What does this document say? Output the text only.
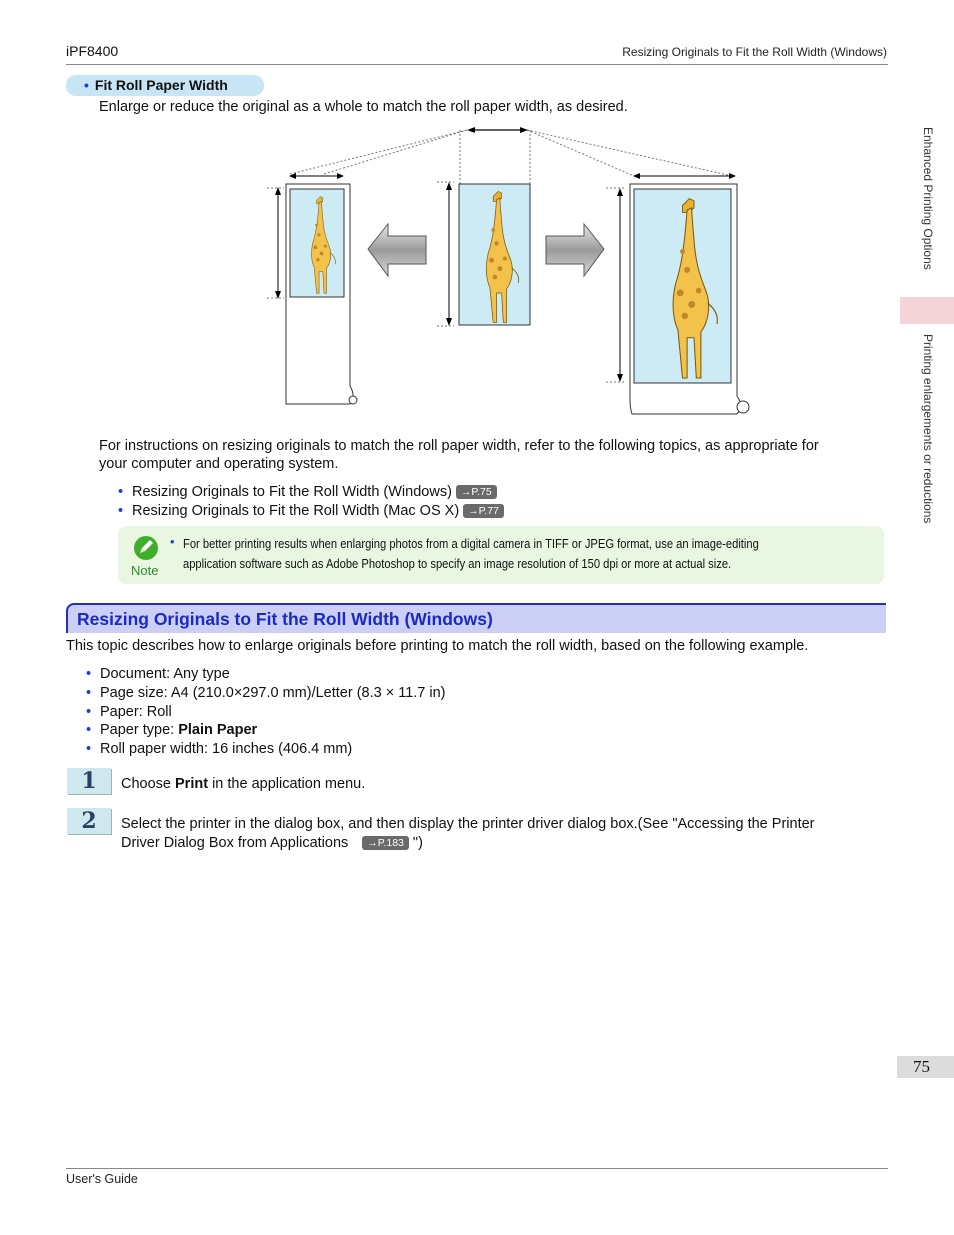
iPF8400	Resizing Originals to Fit the Roll Width (Windows)
• Fit Roll Paper Width
Enlarge or reduce the original as a whole to match the roll paper width, as desired.
For instructions on resizing originals to match the roll paper width, refer to the following topics, as appropriate for
your computer and operating system.
• Resizing Originals to Fit the Roll Width (Windows) →P.75
• Resizing Originals to Fit the Roll Width (Mac OS X) →P.77
Note
• For better printing results when enlarging photos from a digital camera in TIFF or JPEG format, use an image-editing
application software such as Adobe Photoshop to specify an image resolution of 150 dpi or more at actual size.
Resizing Originals to Fit the Roll Width (Windows)
This topic describes how to enlarge originals before printing to match the roll width, based on the following example.
• Document: Any type
• Page size: A4 (210.0×297.0 mm)/Letter (8.3 × 11.7 in)
• Paper: Roll
• Paper type: Plain Paper
• Roll paper width: 16 inches (406.4 mm)
1	Choose Print in the application menu.
2	Select the printer in the dialog box, and then display the printer driver dialog box.(See "Accessing the Printer
Driver Dialog Box from Applications →P.183 ")
Enhanced Printing Options
Printing enlargements or reductions
75
User's Guide
